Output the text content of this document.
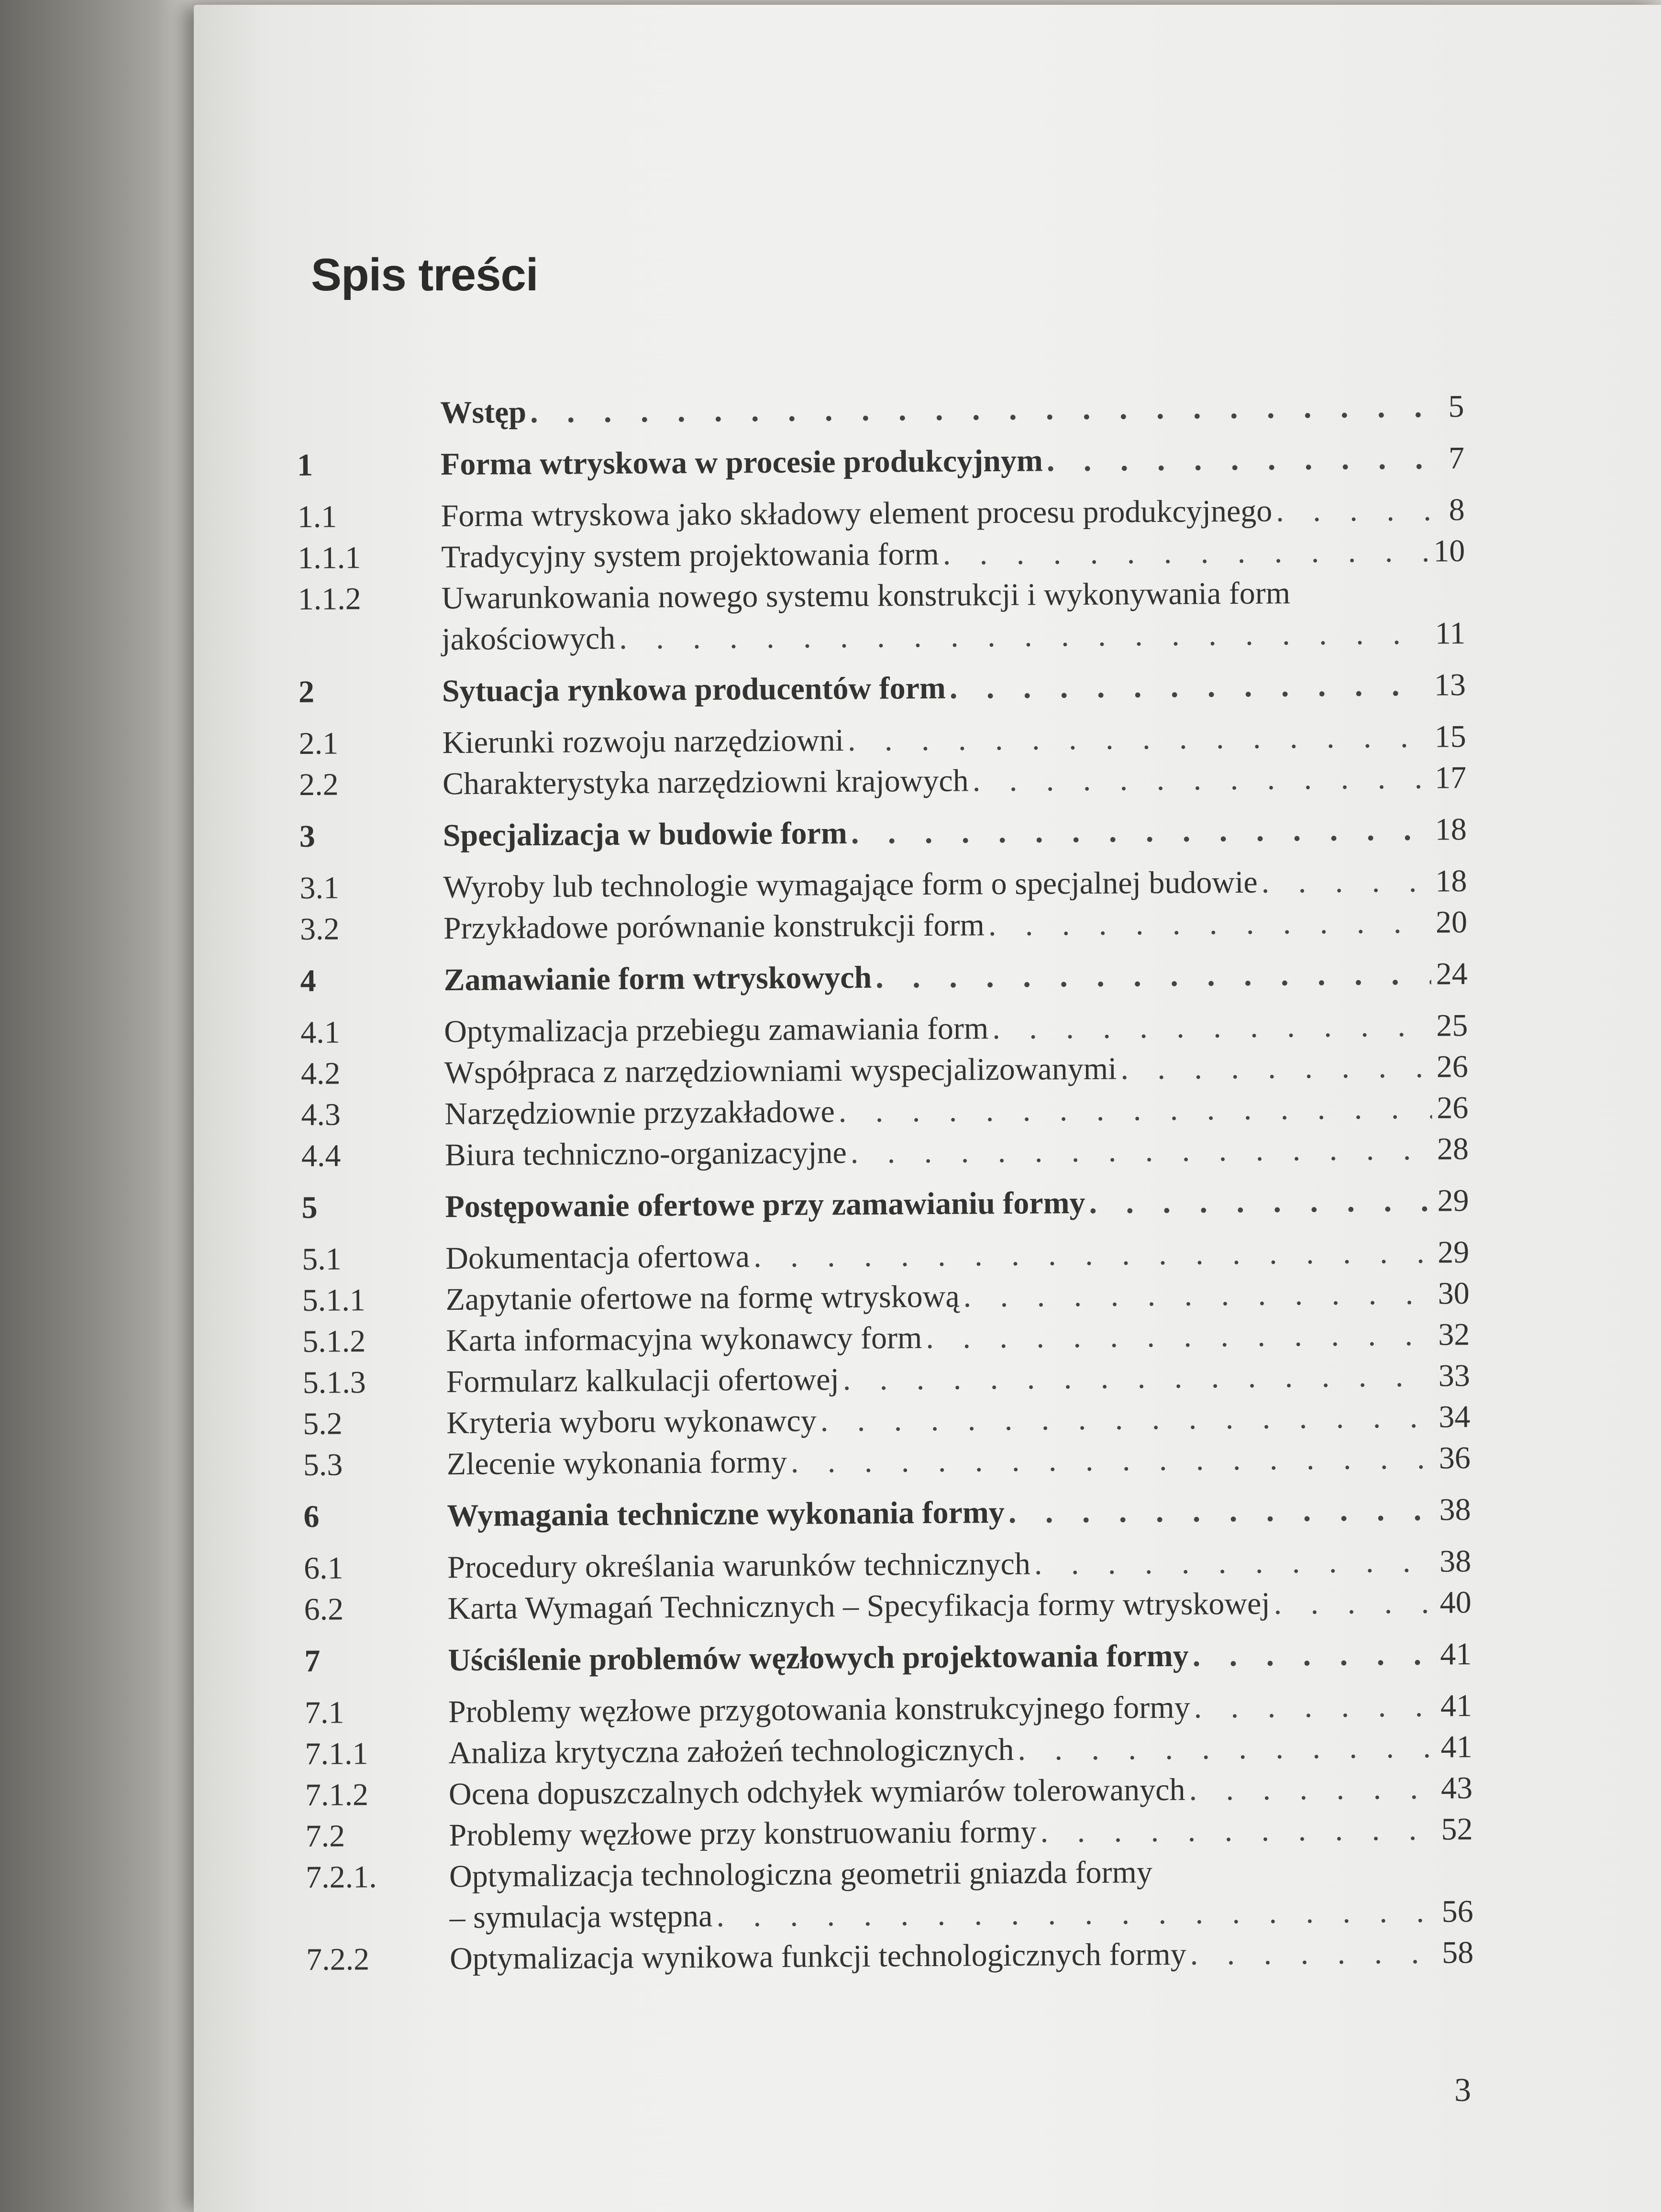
Spis treści
Wstęp . . .	5
1	Forma wtryskowa w procesie produkcyjnym . . .	7
1.1	Forma wtryskowa jako składowy element procesu produkcyjnego . . .	8
1.1.1	Tradycyjny system projektowania form . . .	10
1.1.2	Uwarunkowania nowego systemu konstrukcji i wykonywania form
jakościowych . . .	11
2	Sytuacja rynkowa producentów form . . .	13
2.1	Kierunki rozwoju narzędziowni . . .	15
2.2	Charakterystyka narzędziowni krajowych . . .	17
3	Specjalizacja w budowie form . . .	18
3.1	Wyroby lub technologie wymagające form o specjalnej budowie . . .	18
3.2	Przykładowe porównanie konstrukcji form . . .	20
4	Zamawianie form wtryskowych . . .	24
4.1	Optymalizacja przebiegu zamawiania form . . .	25
4.2	Współpraca z narzędziowniami wyspecjalizowanymi . . .	26
4.3	Narzędziownie przyzakładowe . . .	26
4.4	Biura techniczno-organizacyjne . . .	28
5	Postępowanie ofertowe przy zamawianiu formy . . .	29
5.1	Dokumentacja ofertowa . . .	29
5.1.1	Zapytanie ofertowe na formę wtryskową . . .	30
5.1.2	Karta informacyjna wykonawcy form . . .	32
5.1.3	Formularz kalkulacji ofertowej . . .	33
5.2	Kryteria wyboru wykonawcy . . .	34
5.3	Zlecenie wykonania formy . . .	36
6	Wymagania techniczne wykonania formy . . .	38
6.1	Procedury określania warunków technicznych . . .	38
6.2	Karta Wymagań Technicznych – Specyfikacja formy wtryskowej . . .	40
7	Uściślenie problemów węzłowych projektowania formy . . .	41
7.1	Problemy węzłowe przygotowania konstrukcyjnego formy . . .	41
7.1.1	Analiza krytyczna założeń technologicznych . . .	41
7.1.2	Ocena dopuszczalnych odchyłek wymiarów tolerowanych . . .	43
7.2	Problemy węzłowe przy konstruowaniu formy . . .	52
7.2.1. Optymalizacja technologiczna geometrii gniazda formy
– symulacja wstępna . . .	56
7.2.2	Optymalizacja wynikowa funkcji technologicznych formy . . .	58
3
